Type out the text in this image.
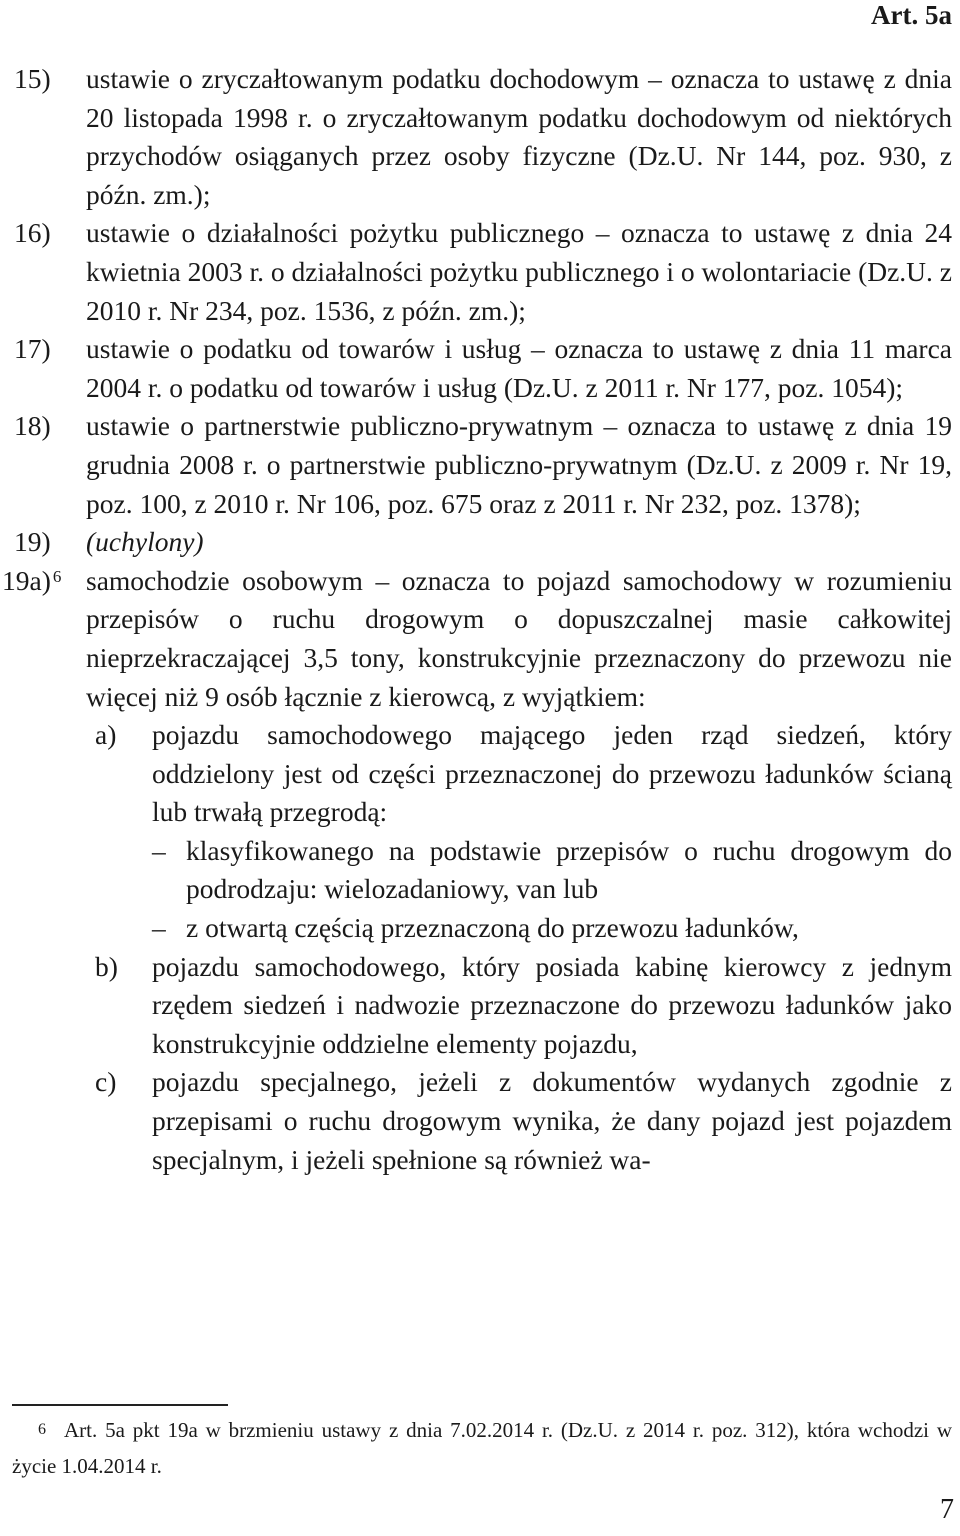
Art. 5a
15) ustawie o zryczałtowanym podatku dochodowym – oznacza to ustawę z dnia 20 listopada 1998 r. o zryczałtowanym podatku dochodowym od niektórych przychodów osiąganych przez osoby fizyczne (Dz.U. Nr 144, poz. 930, z późn. zm.);
16) ustawie o działalności pożytku publicznego – oznacza to ustawę z dnia 24 kwietnia 2003 r. o działalności pożytku publicznego i o wolontariacie (Dz.U. z 2010 r. Nr 234, poz. 1536, z późn. zm.);
17) ustawie o podatku od towarów i usług – oznacza to ustawę z dnia 11 marca 2004 r. o podatku od towarów i usług (Dz.U. z 2011 r. Nr 177, poz. 1054);
18) ustawie o partnerstwie publiczno-prywatnym – oznacza to ustawę z dnia 19 grudnia 2008 r. o partnerstwie publiczno-prywatnym (Dz.U. z 2009 r. Nr 19, poz. 100, z 2010 r. Nr 106, poz. 675 oraz z 2011 r. Nr 232, poz. 1378);
19) (uchylony)
19a) $^6$ samochodzie osobowym – oznacza to pojazd samochodowy w rozumieniu przepisów o ruchu drogowym o dopuszczalnej masie całkowitej nieprzekraczającej 3,5 tony, konstrukcyjnie przeznaczony do przewozu nie więcej niż 9 osób łącznie z kierowcą, z wyjątkiem:
a) pojazdu samochodowego mającego jeden rząd siedzeń, który oddzielony jest od części przeznaczonej do przewozu ładunków ścianą lub trwałą przegrodą:
– klasyfikowanego na podstawie przepisów o ruchu drogowym do podrodzaju: wielozadaniowy, van lub
– z otwartą częścią przeznaczoną do przewozu ładunków,
b) pojazdu samochodowego, który posiada kabinę kierowcy z jednym rzędem siedzeń i nadwozie przeznaczone do przewozu ładunków jako konstrukcyjnie oddzielne elementy pojazdu,
c) pojazdu specjalnego, jeżeli z dokumentów wydanych zgodnie z przepisami o ruchu drogowym wynika, że dany pojazd jest pojazdem specjalnym, i jeżeli spełnione są również wa-
$^6$ Art. 5a pkt 19a w brzmieniu ustawy z dnia 7.02.2014 r. (Dz.U. z 2014 r. poz. 312), która wchodzi w życie 1.04.2014 r.
7
